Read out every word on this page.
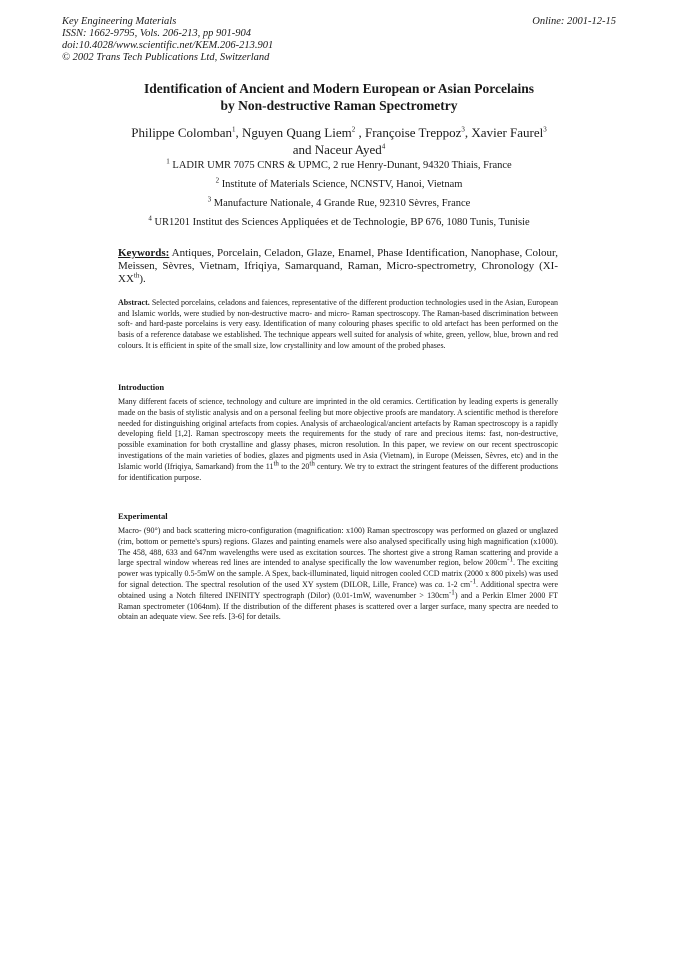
Key Engineering Materials
ISSN: 1662-9795, Vols. 206-213, pp 901-904
doi:10.4028/www.scientific.net/KEM.206-213.901
© 2002 Trans Tech Publications Ltd, Switzerland
Online: 2001-12-15
Identification of Ancient and Modern European or Asian Porcelains
by Non-destructive Raman Spectrometry
Philippe Colomban$^1$, Nguyen Quang Liem$^2$ , Françoise Treppoz$^3$, Xavier Faurel$^3$
and Naceur Ayed$^4$
$^1$ LADIR UMR 7075 CNRS & UPMC, 2 rue Henry-Dunant, 94320 Thiais, France
$^2$ Institute of Materials Science, NCNSTV, Hanoi, Vietnam
$^3$ Manufacture Nationale, 4 Grande Rue, 92310 Sèvres, France
$^4$ UR1201 Institut des Sciences Appliquées et de Technologie, BP 676, 1080 Tunis, Tunisie
Keywords: Antiques, Porcelain, Celadon, Glaze, Enamel, Phase Identification, Nanophase, Colour, Meissen, Sèvres, Vietnam, Ifriqiya, Samarquand, Raman, Micro-spectrometry, Chronology (XI-XXth).
Abstract. Selected porcelains, celadons and faiences, representative of the different production technologies used in the Asian, European and Islamic worlds, were studied by non-destructive macro- and micro- Raman spectroscopy. The Raman-based discrimination between soft- and hard-paste porcelains is very easy. Identification of many colouring phases specific to old artefact has been performed on the basis of a reference database we established. The technique appears well suited for analysis of white, green, yellow, blue, brown and red colours. It is efficient in spite of the small size, low crystallinity and low amount of the probed phases.
Introduction
Many different facets of science, technology and culture are imprinted in the old ceramics. Certification by leading experts is generally made on the basis of stylistic analysis and on a personal feeling but more objective proofs are mandatory. A scientific method is therefore needed for distinguishing original artefacts from copies. Analysis of archaeological/ancient artefacts by Raman spectroscopy is a rapidly developing field [1,2]. Raman spectroscopy meets the requirements for the study of rare and precious items: fast, non-destructive, possible examination for both crystalline and glassy phases, micron resolution. In this paper, we review on our recent spectroscopic investigations of the main varieties of bodies, glazes and pigments used in Asia (Vietnam), in Europe (Meissen, Sèvres, etc) and in the Islamic world (Ifriqiya, Samarkand) from the 11th to the 20th century. We try to extract the stringent features of the different productions for identification purpose.
Experimental
Macro- (90°) and back scattering micro-configuration (magnification: x100) Raman spectroscopy was performed on glazed or unglazed (rim, bottom or pernette's spurs) regions. Glazes and painting enamels were also analysed specifically using high magnification (x1000). The 458, 488, 633 and 647nm wavelengths were used as excitation sources. The shortest give a strong Raman scattering and provide a large spectral window whereas red lines are intended to analyse specifically the low wavenumber region, below $200cm^{-1}$. The exciting power was typically 0.5-5mW on the sample. A Spex, back-illuminated, liquid nitrogen cooled CCD matrix (2000 x 800 pixels) was used for signal detection. The spectral resolution of the used XY system (DILOR, Lille, France) was ca. 1-2 $cm^{-1}$. Additional spectra were obtained using a Notch filtered INFINITY spectrograph (Dilor) (0.01-1mW, wavenumber > $130cm^{-1}$) and a Perkin Elmer 2000 FT Raman spectrometer (1064nm). If the distribution of the different phases is scattered over a larger surface, many spectra are needed to obtain an adequate view. See refs. [3-6] for details.
